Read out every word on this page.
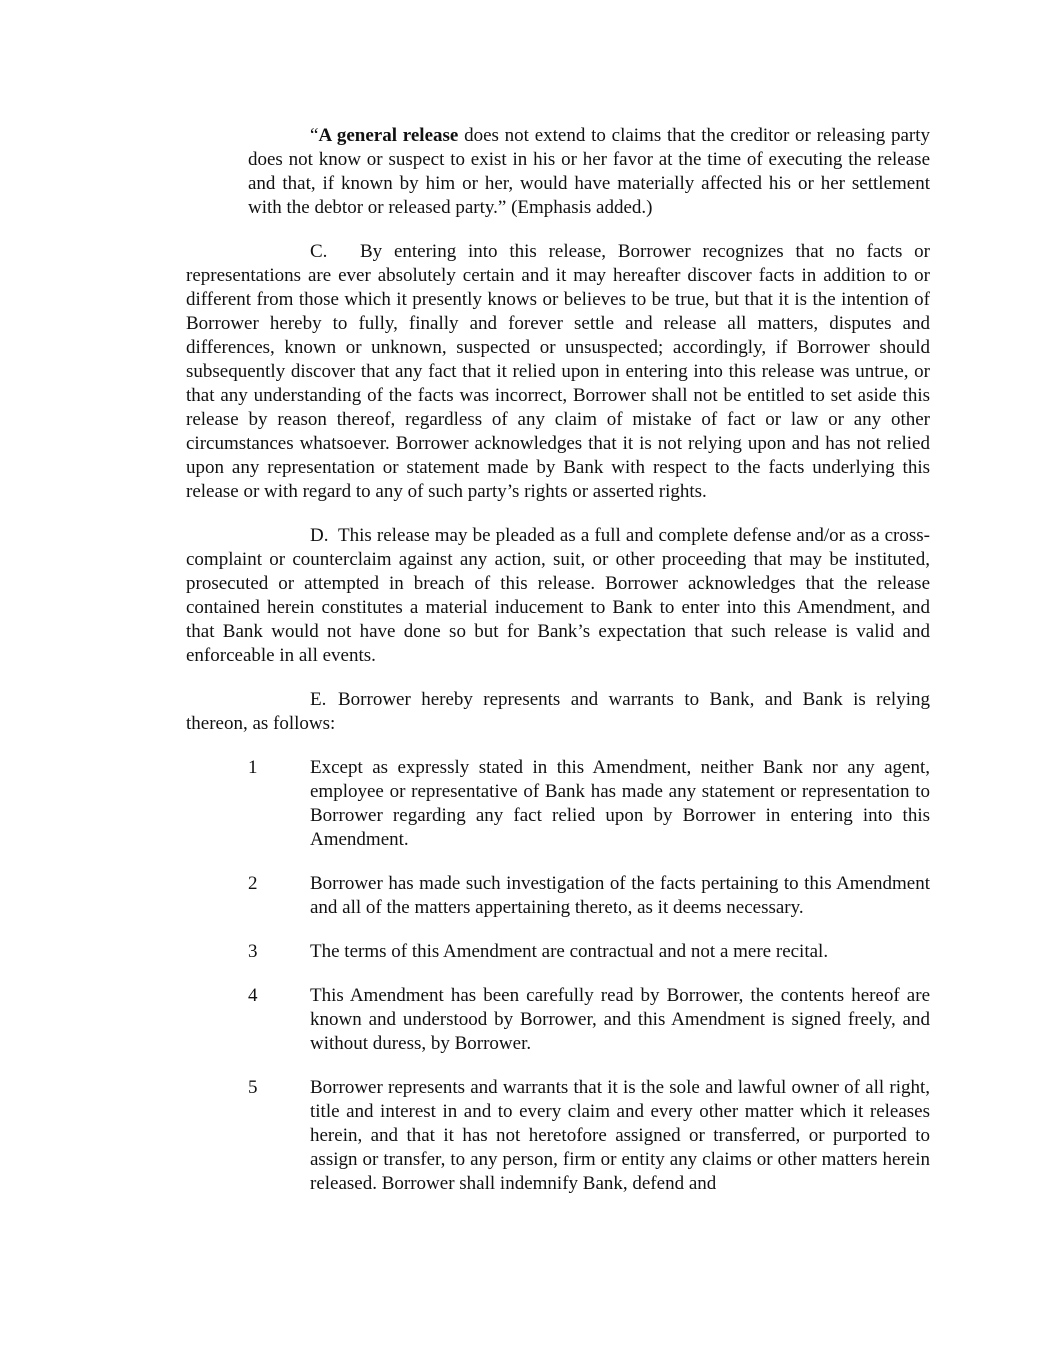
“A general release does not extend to claims that the creditor or releasing party does not know or suspect to exist in his or her favor at the time of executing the release and that, if known by him or her, would have materially affected his or her settlement with the debtor or released party.” (Emphasis added.)

C. By entering into this release, Borrower recognizes that no facts or representations are ever absolutely certain and it may hereafter discover facts in addition to or different from those which it presently knows or believes to be true, but that it is the intention of Borrower hereby to fully, finally and forever settle and release all matters, disputes and differences, known or unknown, suspected or unsuspected; accordingly, if Borrower should subsequently discover that any fact that it relied upon in entering into this release was untrue, or that any understanding of the facts was incorrect, Borrower shall not be entitled to set aside this release by reason thereof, regardless of any claim of mistake of fact or law or any other circumstances whatsoever. Borrower acknowledges that it is not relying upon and has not relied upon any representation or statement made by Bank with respect to the facts underlying this release or with regard to any of such party’s rights or asserted rights.

D. This release may be pleaded as a full and complete defense and/or as a cross-complaint or counterclaim against any action, suit, or other proceeding that may be instituted, prosecuted or attempted in breach of this release. Borrower acknowledges that the release contained herein constitutes a material inducement to Bank to enter into this Amendment, and that Bank would not have done so but for Bank’s expectation that such release is valid and enforceable in all events.

E. Borrower hereby represents and warrants to Bank, and Bank is relying thereon, as follows:

1	Except as expressly stated in this Amendment, neither Bank nor any agent, employee or representative of Bank has made any statement or representation to Borrower regarding any fact relied upon by Borrower in entering into this Amendment.
2	Borrower has made such investigation of the facts pertaining to this Amendment and all of the matters appertaining thereto, as it deems necessary.
3	The terms of this Amendment are contractual and not a mere recital.
4	This Amendment has been carefully read by Borrower, the contents hereof are known and understood by Borrower, and this Amendment is signed freely, and without duress, by Borrower.
5	Borrower represents and warrants that it is the sole and lawful owner of all right, title and interest in and to every claim and every other matter which it releases herein, and that it has not heretofore assigned or transferred, or purported to assign or transfer, to any person, firm or entity any claims or other matters herein released. Borrower shall indemnify Bank, defend and
